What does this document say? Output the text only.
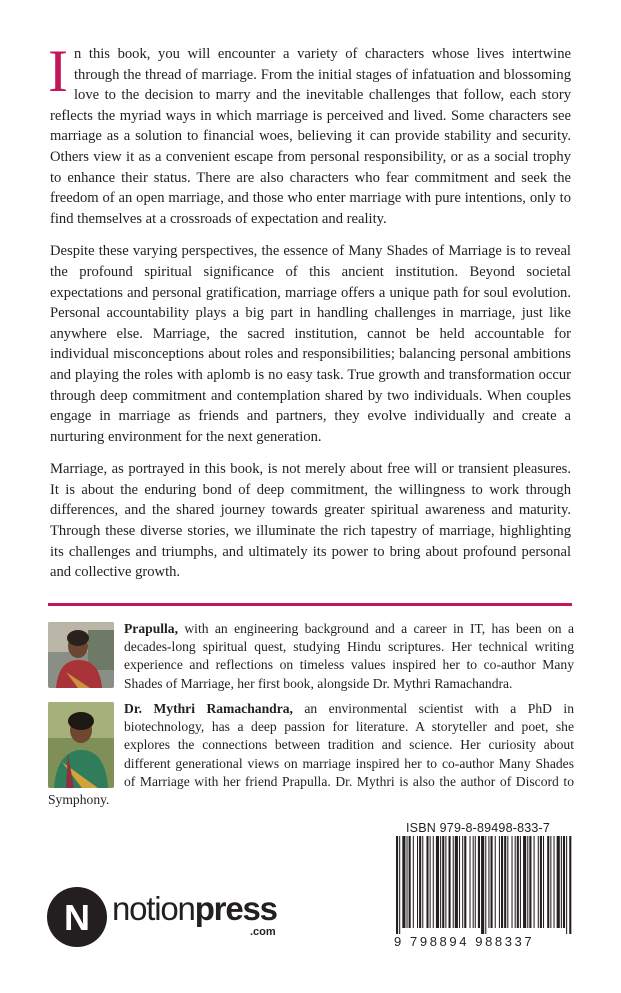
In this book, you will encounter a variety of characters whose lives intertwine through the thread of marriage. From the initial stages of infatuation and blossoming love to the decision to marry and the inevitable challenges that follow, each story reflects the myriad ways in which marriage is perceived and lived. Some characters see marriage as a solution to financial woes, believing it can provide stability and security. Others view it as a convenient escape from personal responsibility, or as a social trophy to enhance their status. There are also characters who fear commitment and seek the freedom of an open marriage, and those who enter marriage with pure intentions, only to find themselves at a crossroads of expectation and reality.

Despite these varying perspectives, the essence of Many Shades of Marriage is to reveal the profound spiritual significance of this ancient institution. Beyond societal expectations and personal gratification, marriage offers a unique path for soul evolution. Personal accountability plays a big part in handling challenges in marriage, just like anywhere else. Marriage, the sacred institution, cannot be held accountable for individual misconceptions about roles and responsibilities; balancing personal ambitions and playing the roles with aplomb is no easy task. True growth and transformation occur through deep commitment and contemplation shared by two individuals. When couples engage in marriage as friends and partners, they evolve individually and create a nurturing environment for the next generation.

Marriage, as portrayed in this book, is not merely about free will or transient pleasures. It is about the enduring bond of deep commitment, the willingness to work through differences, and the shared journey towards greater spiritual awareness and maturity. Through these diverse stories, we illuminate the rich tapestry of marriage, highlighting its challenges and triumphs, and ultimately its power to bring about profound personal and collective growth.

Prapulla, with an engineering background and a career in IT, has been on a decades-long spiritual quest, studying Hindu scriptures. Her technical writing experience and reflections on timeless values inspired her to co-author Many Shades of Marriage, her first book, alongside Dr. Mythri Ramachandra.
Dr. Mythri Ramachandra, an environmental scientist with a PhD in biotechnology, has a deep passion for literature. A storyteller and poet, she explores the connections between tradition and science. Her curiosity about different generational views on marriage inspired her to co-author Many Shades of Marriage with her friend Prapulla. Dr. Mythri is also the author of Discord to Symphony.
ISBN 979-8-89498-833-7
9 798894 988337
N notionpress
.com
